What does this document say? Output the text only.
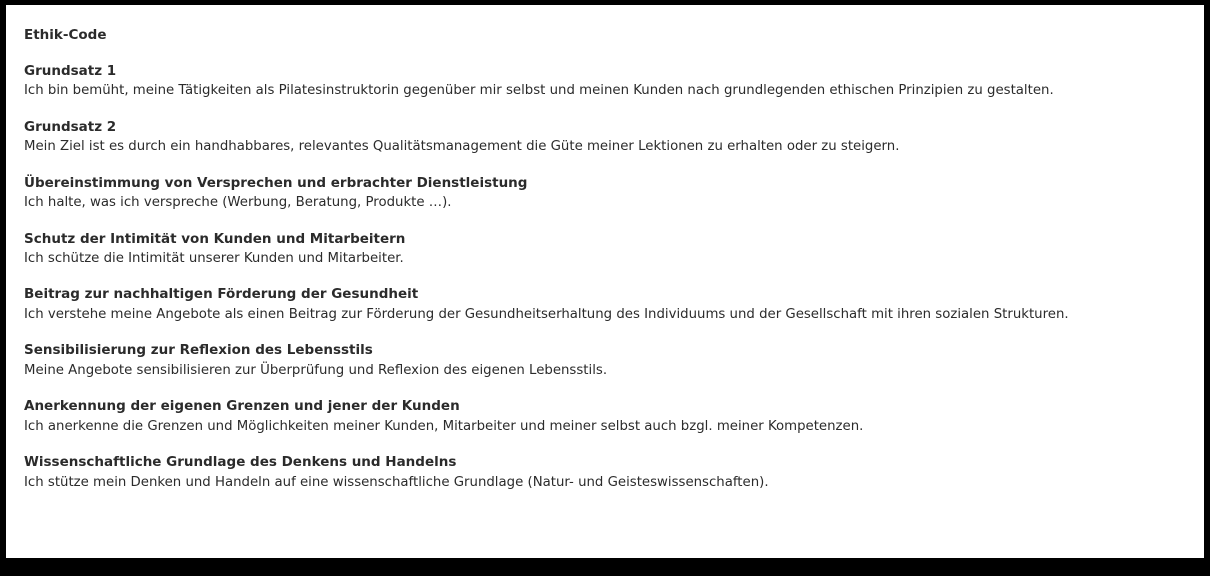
Ethik-Code
Grundsatz 1
Ich bin bemüht, meine Tätigkeiten als Pilatesinstruktorin gegenüber mir selbst und meinen Kunden nach grundlegenden ethischen Prinzipien zu gestalten.
Grundsatz 2
Mein Ziel ist es durch ein handhabbares, relevantes Qualitätsmanagement die Güte meiner Lektionen zu erhalten oder zu steigern.
Übereinstimmung von Versprechen und erbrachter Dienstleistung
Ich halte, was ich verspreche (Werbung, Beratung, Produkte …).
Schutz der Intimität von Kunden und Mitarbeitern
Ich schütze die Intimität unserer Kunden und Mitarbeiter.
Beitrag zur nachhaltigen Förderung der Gesundheit
Ich verstehe meine Angebote als einen Beitrag zur Förderung der Gesundheitserhaltung des Individuums und der Gesellschaft mit ihren sozialen Strukturen.
Sensibilisierung zur Reflexion des Lebensstils
Meine Angebote sensibilisieren zur Überprüfung und Reflexion des eigenen Lebensstils.
Anerkennung der eigenen Grenzen und jener der Kunden
Ich anerkenne die Grenzen und Möglichkeiten meiner Kunden, Mitarbeiter und meiner selbst auch bzgl. meiner Kompetenzen.
Wissenschaftliche Grundlage des Denkens und Handelns
Ich stütze mein Denken und Handeln auf eine wissenschaftliche Grundlage (Natur- und Geisteswissenschaften).
